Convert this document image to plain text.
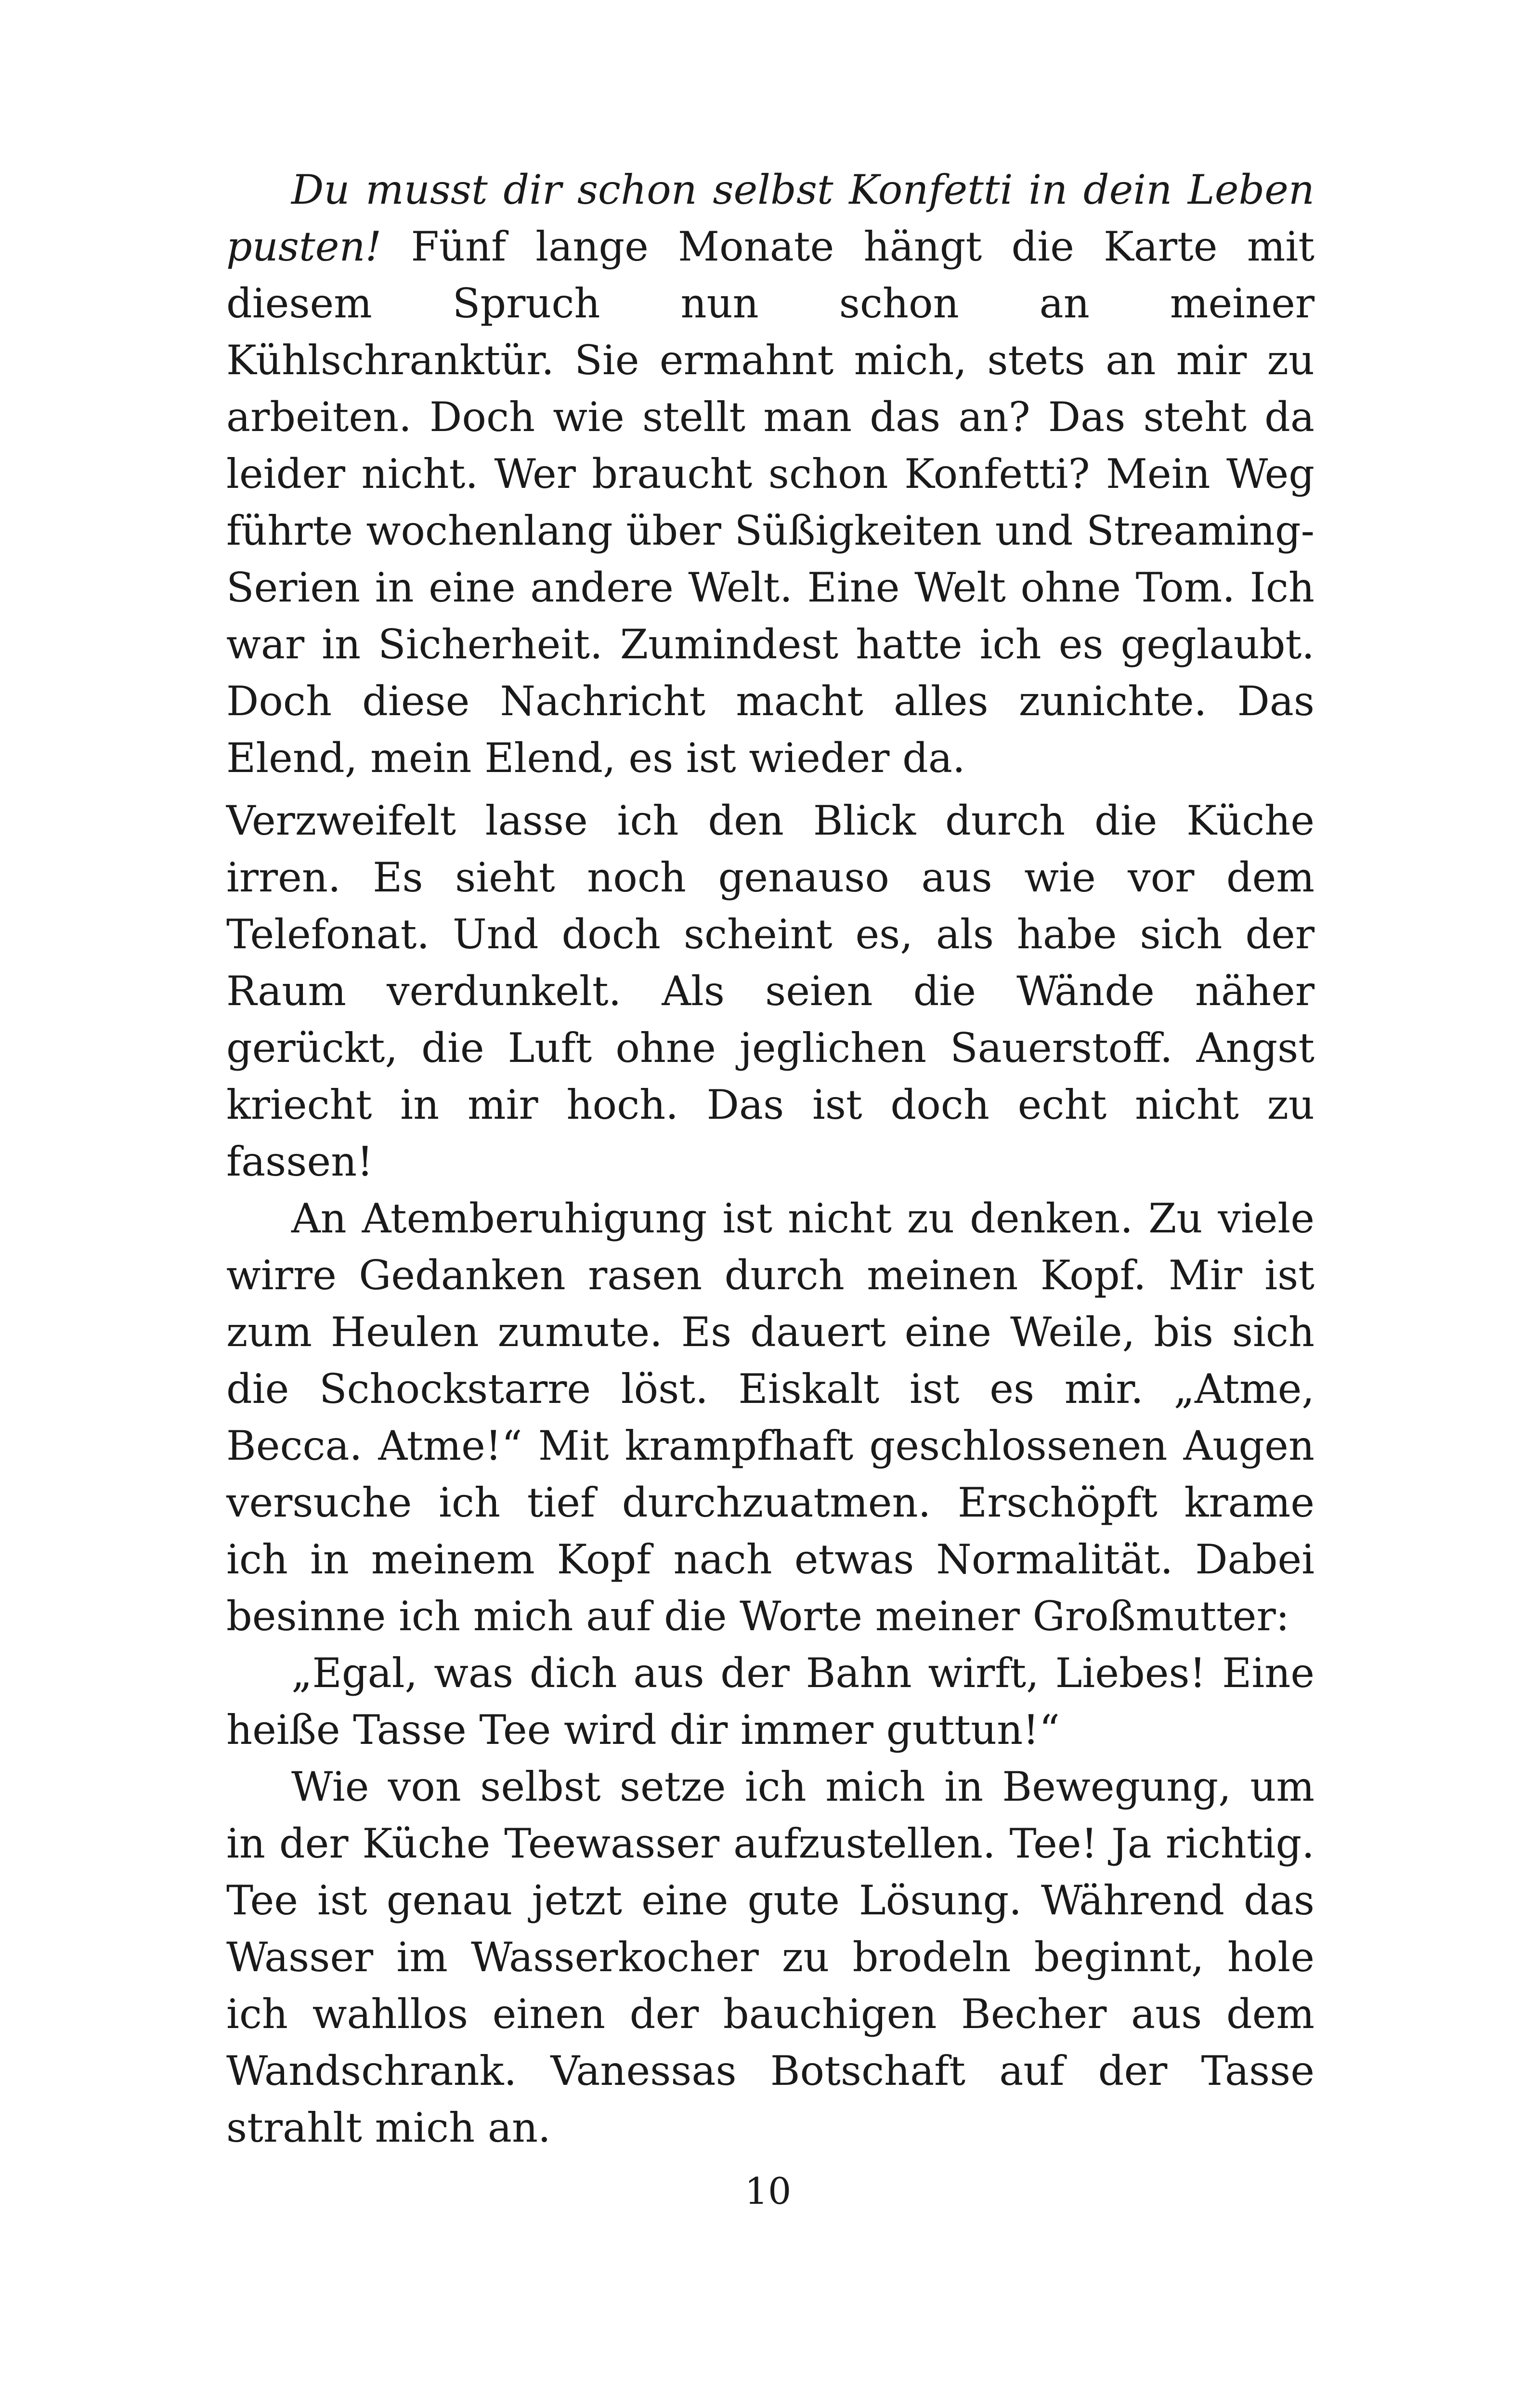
Du musst dir schon selbst Konfetti in dein Leben pusten! Fünf lange Monate hängt die Karte mit diesem Spruch nun schon an meiner Kühlschranktür. Sie ermahnt mich, stets an mir zu arbeiten. Doch wie stellt man das an? Das steht da leider nicht. Wer braucht schon Konfetti? Mein Weg führte wochenlang über Süßigkeiten und Streaming-Serien in eine andere Welt. Eine Welt ohne Tom. Ich war in Sicherheit. Zumindest hatte ich es geglaubt. Doch diese Nachricht macht alles zunichte. Das Elend, mein Elend, es ist wieder da.

Verzweifelt lasse ich den Blick durch die Küche irren. Es sieht noch genauso aus wie vor dem Telefonat. Und doch scheint es, als habe sich der Raum verdunkelt. Als seien die Wände näher gerückt, die Luft ohne jeglichen Sauerstoff. Angst kriecht in mir hoch. Das ist doch echt nicht zu fassen!

An Atemberuhigung ist nicht zu denken. Zu viele wirre Gedanken rasen durch meinen Kopf. Mir ist zum Heulen zumute. Es dauert eine Weile, bis sich die Schockstarre löst. Eiskalt ist es mir. „Atme, Becca. Atme!“ Mit krampfhaft geschlossenen Augen versuche ich tief durchzuatmen. Erschöpft krame ich in meinem Kopf nach etwas Normalität. Dabei besinne ich mich auf die Worte meiner Großmutter:

„Egal, was dich aus der Bahn wirft, Liebes! Eine heiße Tasse Tee wird dir immer guttun!“

Wie von selbst setze ich mich in Bewegung, um in der Küche Teewasser aufzustellen. Tee! Ja richtig. Tee ist genau jetzt eine gute Lösung. Während das Wasser im Wasserkocher zu brodeln beginnt, hole ich wahllos einen der bauchigen Becher aus dem Wandschrank. Vanessas Botschaft auf der Tasse strahlt mich an.

10
